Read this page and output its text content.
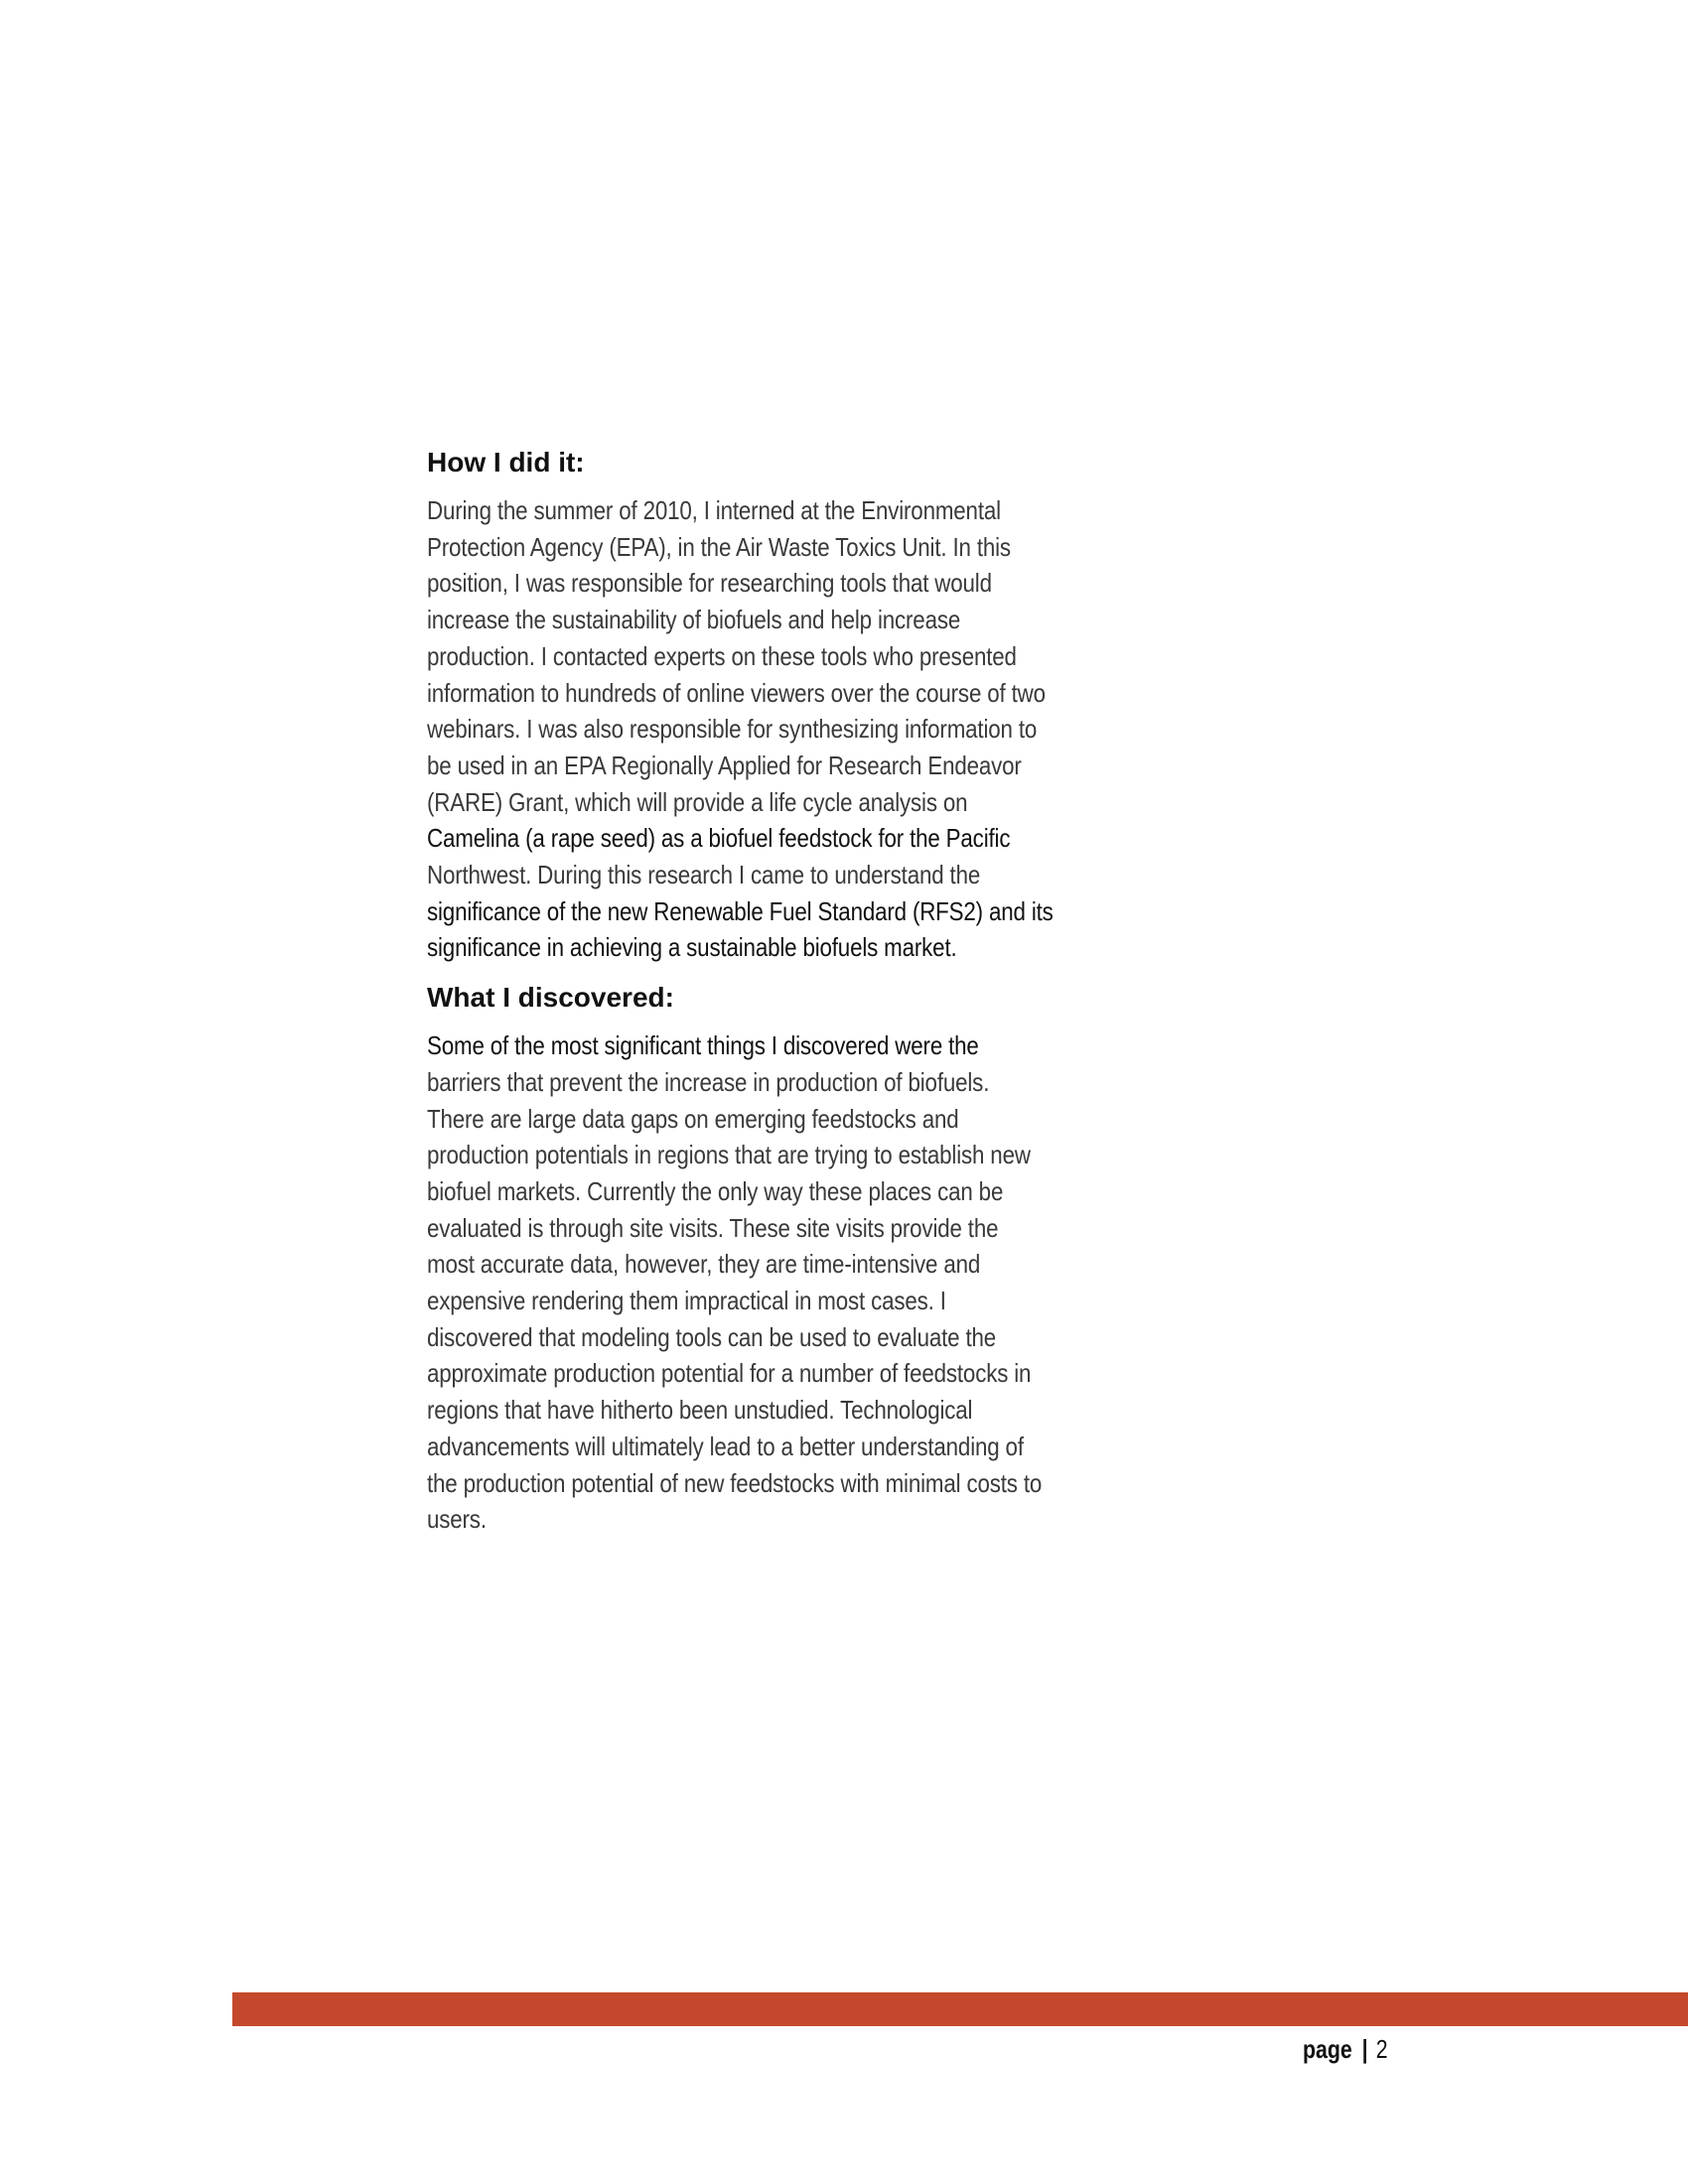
How I did it:

During the summer of 2010, I interned at the Environmental
Protection Agency (EPA), in the Air Waste Toxics Unit. In this
position, I was responsible for researching tools that would
increase the sustainability of biofuels and help increase
production. I contacted experts on these tools who presented
information to hundreds of online viewers over the course of two
webinars. I was also responsible for synthesizing information to
be used in an EPA Regionally Applied for Research Endeavor
(RARE) Grant, which will provide a life cycle analysis on
Camelina (a rape seed) as a biofuel feedstock for the Pacific
Northwest. During this research I came to understand the
significance of the new Renewable Fuel Standard (RFS2) and its
significance in achieving a sustainable biofuels market.

What I discovered:

Some of the most significant things I discovered were the
barriers that prevent the increase in production of biofuels.
There are large data gaps on emerging feedstocks and
production potentials in regions that are trying to establish new
biofuel markets. Currently the only way these places can be
evaluated is through site visits. These site visits provide the
most accurate data, however, they are time-intensive and
expensive rendering them impractical in most cases. I
discovered that modeling tools can be used to evaluate the
approximate production potential for a number of feedstocks in
regions that have hitherto been unstudied. Technological
advancements will ultimately lead to a better understanding of
the production potential of new feedstocks with minimal costs to
users.

page | 2
